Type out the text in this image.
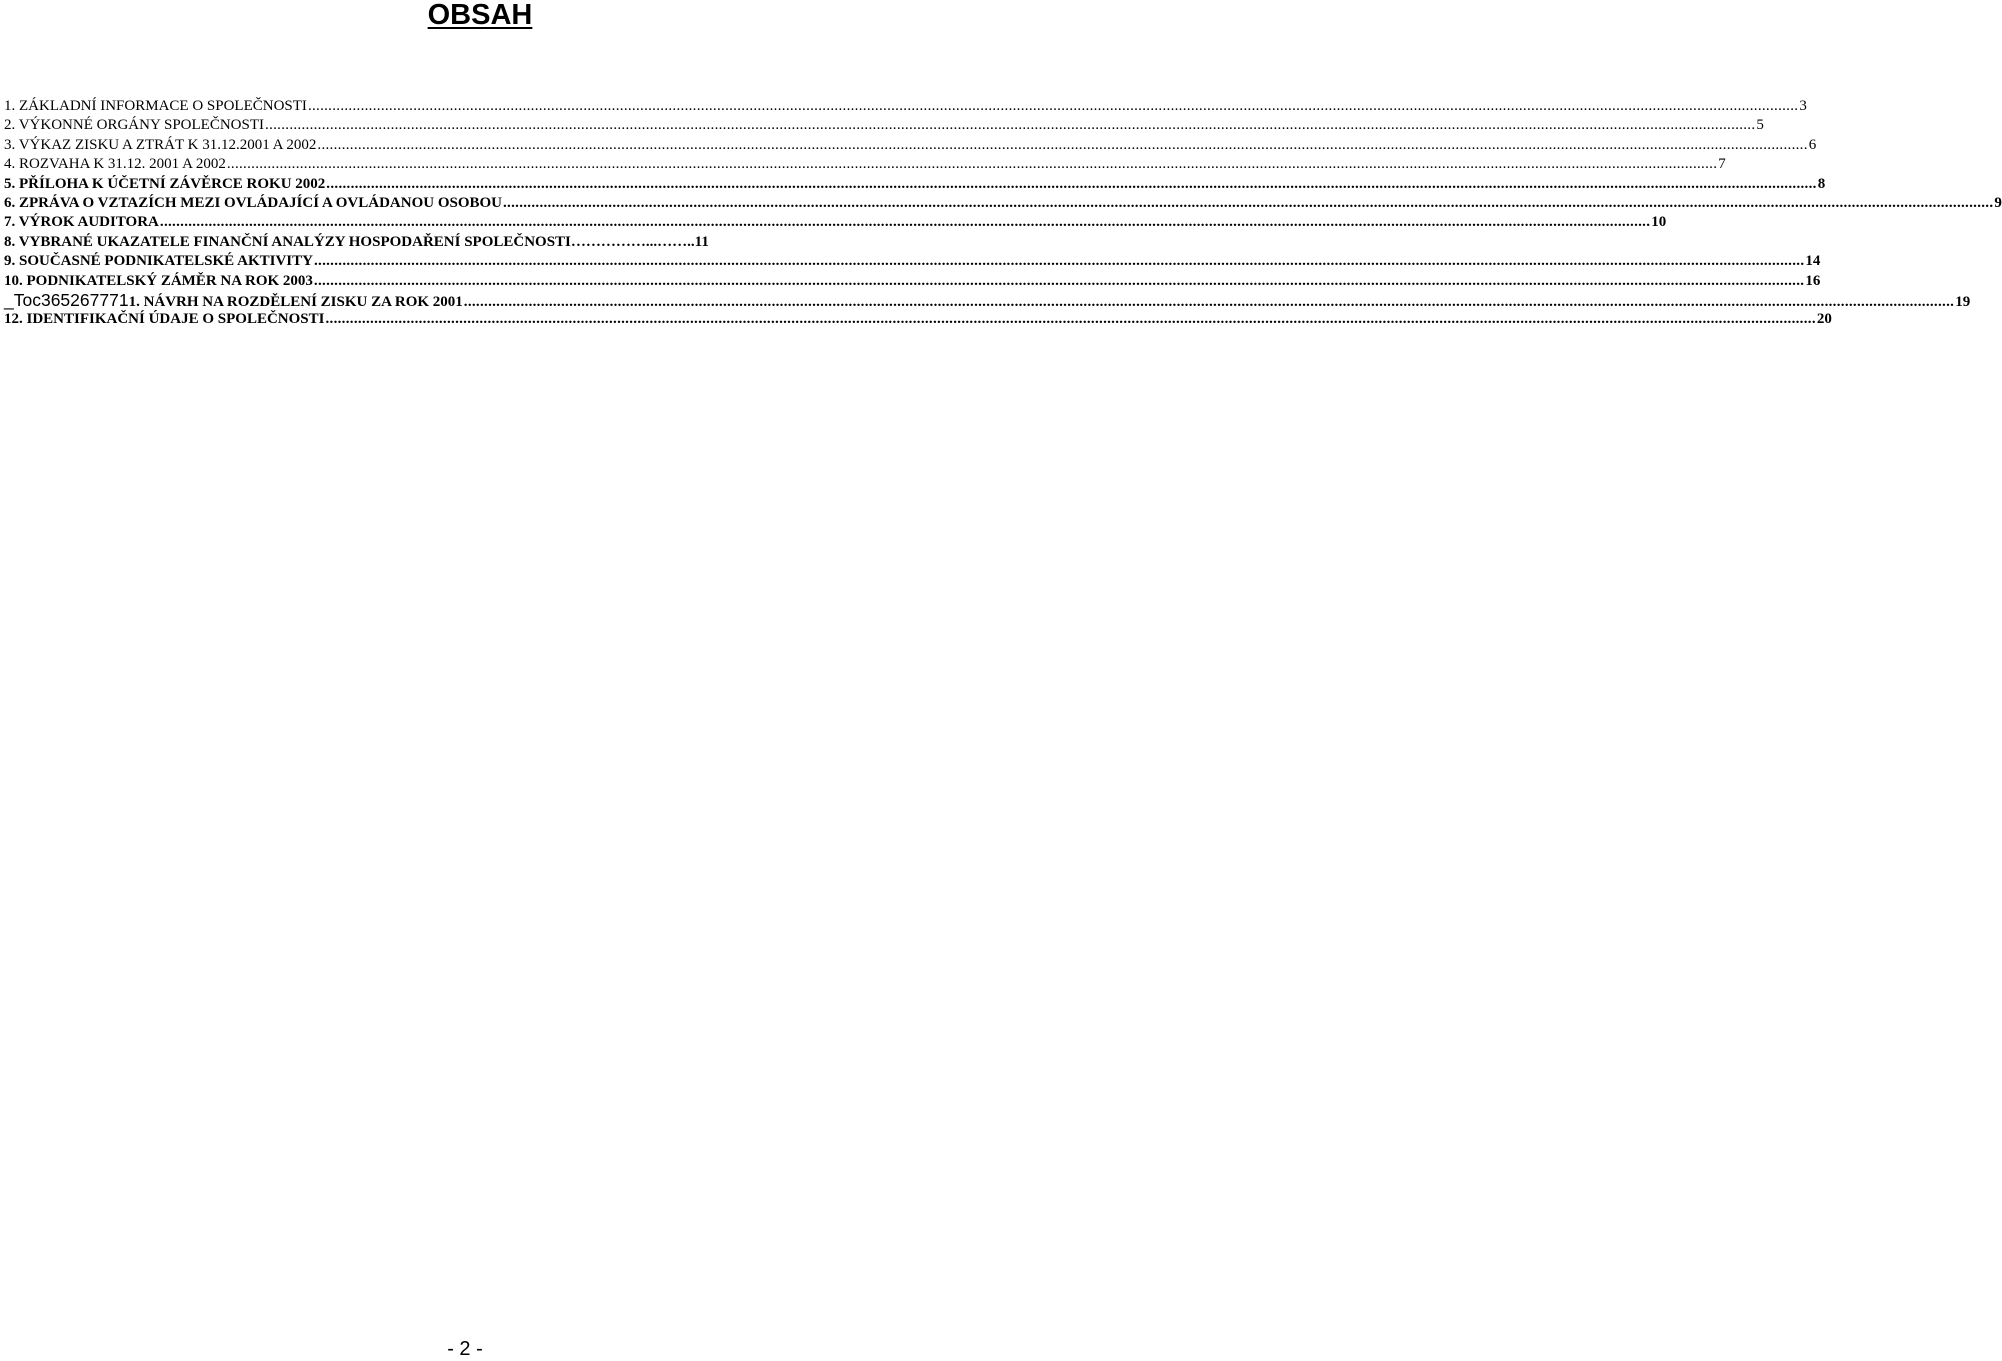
OBSAH
1. ZÁKLADNÍ INFORMACE O SPOLEČNOSTI .....	3
2. VÝKONNÉ ORGÁNY SPOLEČNOSTI .....	5
3. VÝKAZ ZISKU A ZTRÁT K 31.12.2001 A 2002 .....	6
4. ROZVAHA K 31.12. 2001 A 2002 .....	7
5. PŘÍLOHA K ÚČETNÍ ZÁVĚRCE ROKU 2002 .....	8
6. ZPRÁVA O VZTAZÍCH MEZI OVLÁDAJÍCÍ A OVLÁDANOU OSOBOU .....	9
7. VÝROK AUDITORA .....	10
8. VYBRANÉ UKAZATELE FINANČNÍ ANALÝZY HOSPODAŘENÍ SPOLEČNOSTI……………...…….. 11
9. SOUČASNÉ PODNIKATELSKÉ AKTIVITY .....	14
10. PODNIKATELSKÝ ZÁMĚR NA ROK 2003 .....	16
_Toc365267771 1. NÁVRH NA ROZDĚLENÍ ZISKU ZA ROK 2001 .....	19
12. IDENTIFIKAČNÍ ÚDAJE O SPOLEČNOSTI .....	20
- 2 -
